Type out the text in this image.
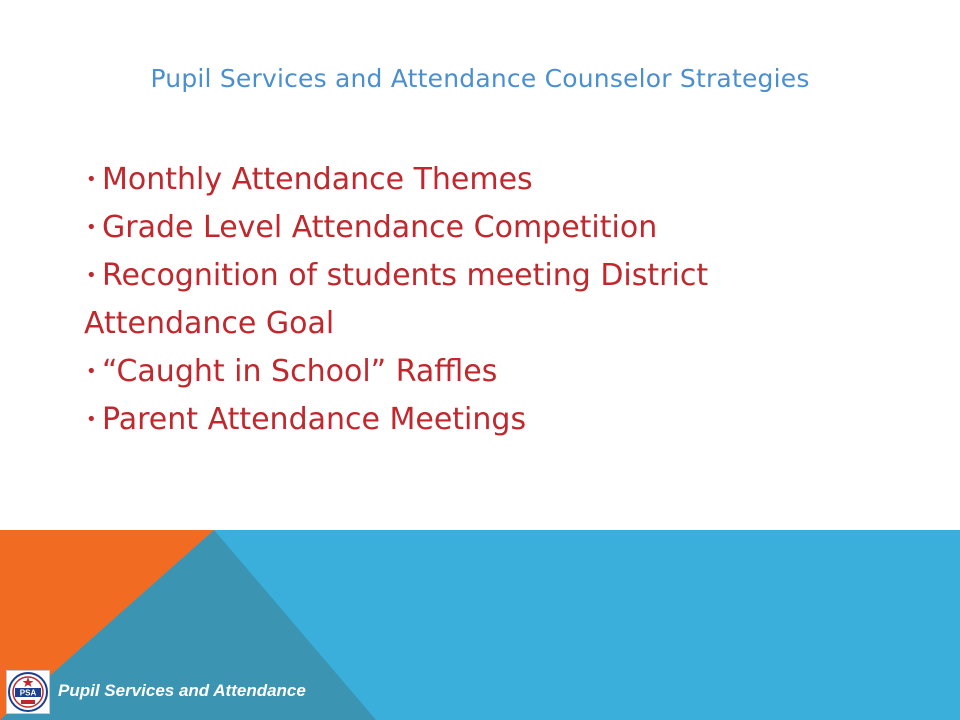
Pupil Services and Attendance Counselor Strategies
• Monthly Attendance Themes
• Grade Level Attendance Competition
• Recognition of students meeting District
Attendance Goal
• “Caught in School” Raffles
• Parent Attendance Meetings
PSA Pupil Services and Attendance
